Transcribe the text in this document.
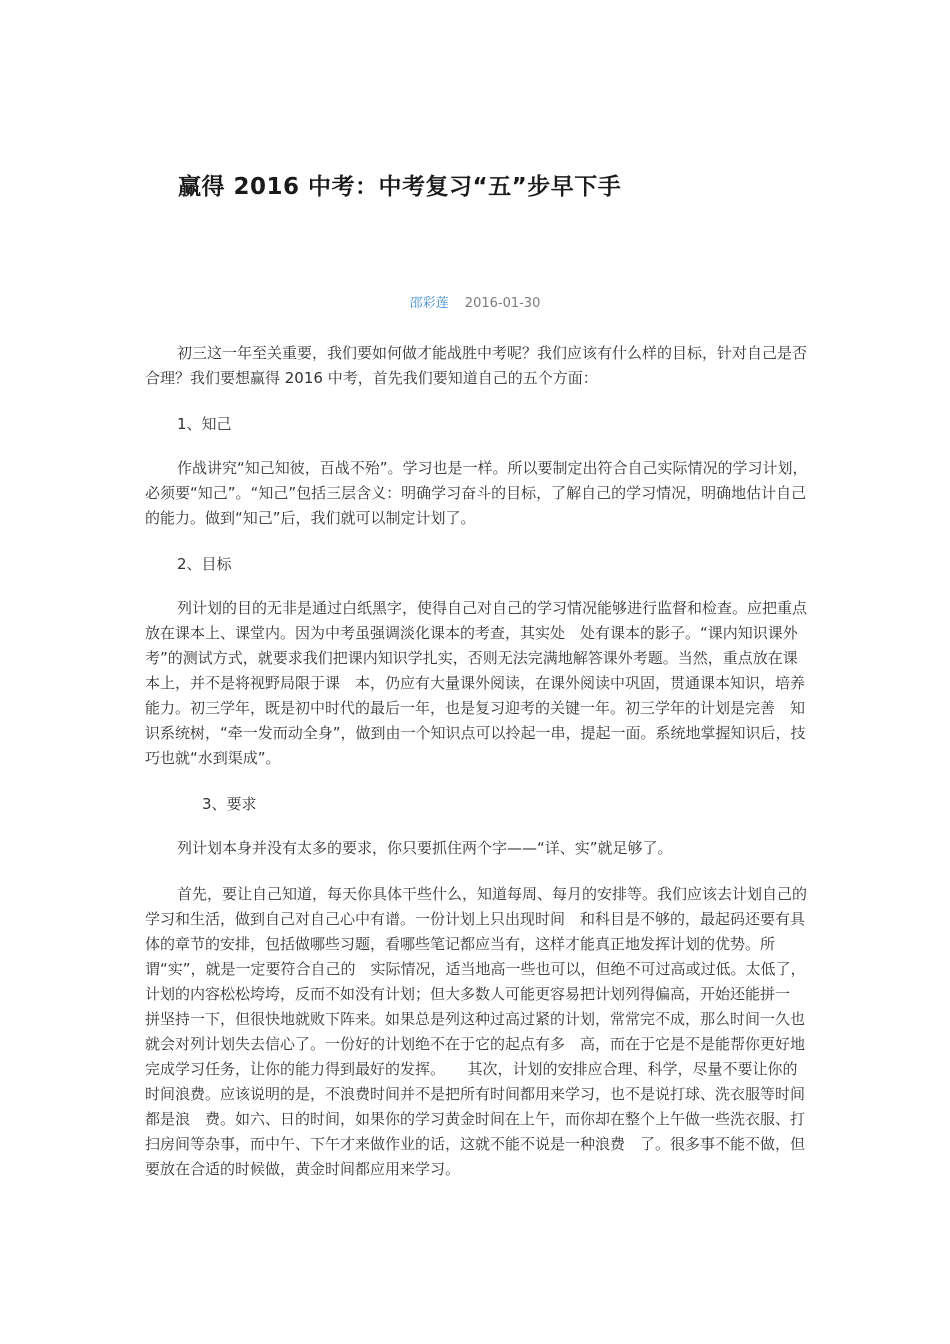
赢得 2016 中考：中考复习“五”步早下手
邵彩莲 2016-01-30

初三这一年至关重要，我们要如何做才能战胜中考呢？我们应该有什么样的目标，针对自己是否合理？我们要想赢得 2016 中考，首先我们要知道自己的五个方面：

1、知己

作战讲究“知己知彼，百战不殆”。学习也是一样。所以要制定出符合自己实际情况的学习计划，必须要“知己”。“知己”包括三层含义：明确学习奋斗的目标，了解自己的学习情况，明确地估计自己的能力。做到“知己”后，我们就可以制定计划了。

2、目标

列计划的目的无非是通过白纸黑字，使得自己对自己的学习情况能够进行监督和检查。应把重点放在课本上、课堂内。因为中考虽强调淡化课本的考查，其实处　处有课本的影子。“课内知识课外考”的测试方式，就要求我们把课内知识学扎实，否则无法完满地解答课外考题。当然，重点放在课本上，并不是将视野局限于课　本，仍应有大量课外阅读，在课外阅读中巩固，贯通课本知识，培养能力。初三学年，既是初中时代的最后一年，也是复习迎考的关键一年。初三学年的计划是完善　知识系统树，“牵一发而动全身”，做到由一个知识点可以拎起一串，提起一面。系统地掌握知识后，技巧也就“水到渠成”。

3、要求

列计划本身并没有太多的要求，你只要抓住两个字——“详、实”就足够了。

首先，要让自己知道，每天你具体干些什么，知道每周、每月的安排等。我们应该去计划自己的学习和生活，做到自己对自己心中有谱。一份计划上只出现时间　和科目是不够的，最起码还要有具体的章节的安排，包括做哪些习题，看哪些笔记都应当有，这样才能真正地发挥计划的优势。所谓“实”，就是一定要符合自己的　实际情况，适当地高一些也可以，但绝不可过高或过低。太低了，计划的内容松松垮垮，反而不如没有计划；但大多数人可能更容易把计划列得偏高，开始还能拼一　拼坚持一下，但很快地就败下阵来。如果总是列这种过高过紧的计划，常常完不成，那么时间一久也就会对列计划失去信心了。一份好的计划绝不在于它的起点有多　高，而在于它是不是能帮你更好地完成学习任务，让你的能力得到最好的发挥。　　其次，计划的安排应合理、科学，尽量不要让你的时间浪费。应该说明的是，不浪费时间并不是把所有时间都用来学习，也不是说打球、洗衣服等时间都是浪　费。如六、日的时间，如果你的学习黄金时间在上午，而你却在整个上午做一些洗衣服、打扫房间等杂事，而中午、下午才来做作业的话，这就不能不说是一种浪费　了。很多事不能不做，但要放在合适的时候做，黄金时间都应用来学习。
